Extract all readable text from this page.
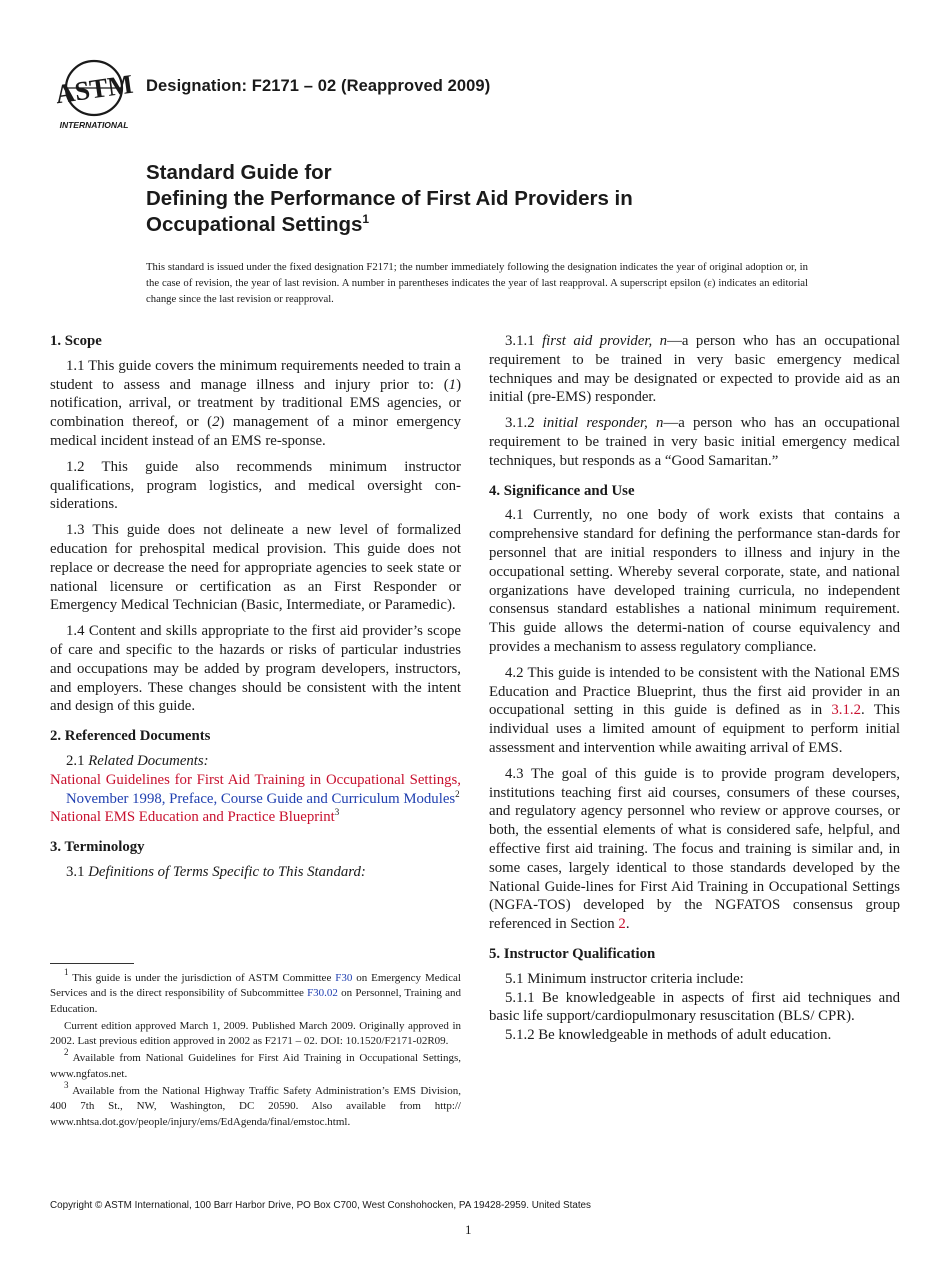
ASTM
INTERNATIONAL
Designation: F2171 – 02 (Reapproved 2009)
Standard Guide for
Defining the Performance of First Aid Providers in
Occupational Settings$^1$
This standard is issued under the fixed designation F2171; the number immediately following the designation indicates the year of original adoption or, in the case of revision, the year of last revision. A number in parentheses indicates the year of last reapproval. A superscript epsilon (ε) indicates an editorial change since the last revision or reapproval.
1. Scope

1.1 This guide covers the minimum requirements needed to train a student to assess and manage illness and injury prior to: (1) notification, arrival, or treatment by traditional EMS agencies, or combination thereof, or (2) management of a minor emergency medical incident instead of an EMS re-sponse.

1.2 This guide also recommends minimum instructor qualifications, program logistics, and medical oversight con-siderations.

1.3 This guide does not delineate a new level of formalized education for prehospital medical provision. This guide does not replace or decrease the need for appropriate agencies to seek state or national licensure or certification as an First Responder or Emergency Medical Technician (Basic, Intermediate, or Paramedic).

1.4 Content and skills appropriate to the first aid provider’s scope of care and specific to the hazards or risks of particular industries and occupations may be added by program developers, instructors, and employers. These changes should be consistent with the intent and design of this guide.

2. Referenced Documents

2.1 Related Documents:

National Guidelines for First Aid Training in Occupational Settings, November 1998, Preface, Course Guide and Curriculum Modules$^2$
National EMS Education and Practice Blueprint$^3$
3. Terminology

3.1 Definitions of Terms Specific to This Standard:

3.1.1 first aid provider, n—a person who has an occupational requirement to be trained in very basic emergency medical techniques and may be designated or expected to provide aid as an initial (pre-EMS) responder.

3.1.2 initial responder, n—a person who has an occupational requirement to be trained in very basic initial emergency medical techniques, but responds as a “Good Samaritan.”

4. Significance and Use

4.1 Currently, no one body of work exists that contains a comprehensive standard for defining the performance stan-dards for personnel that are initial responders to illness and injury in the occupational setting. Whereby several corporate, state, and national organizations have developed training curricula, no independent consensus standard establishes a national minimum requirement. This guide allows the determi-nation of course equivalency and provides a mechanism to assess regulatory compliance.

4.2 This guide is intended to be consistent with the National EMS Education and Practice Blueprint, thus the first aid provider in an occupational setting in this guide is defined as in 3.1.2. This individual uses a limited amount of equipment to perform initial assessment and intervention while awaiting arrival of EMS.

4.3 The goal of this guide is to provide program developers, institutions teaching first aid courses, consumers of these courses, and regulatory agency personnel who review or approve courses, or both, the essential elements of what is considered safe, helpful, and effective first aid training. The focus and training is similar and, in some cases, largely identical to those standards developed by the National Guide-lines for First Aid Training in Occupational Settings (NGFA-TOS) developed by the NGFATOS consensus group referenced in Section 2.

5. Instructor Qualification

5.1 Minimum instructor criteria include:

5.1.1 Be knowledgeable in aspects of first aid techniques and basic life support/cardiopulmonary resuscitation (BLS/ CPR).

5.1.2 Be knowledgeable in methods of adult education.

$^1$ This guide is under the jurisdiction of ASTM Committee F30 on Emergency Medical Services and is the direct responsibility of Subcommittee F30.02 on Personnel, Training and Education.

Current edition approved March 1, 2009. Published March 2009. Originally approved in 2002. Last previous edition approved in 2002 as F2171 – 02. DOI: 10.1520/F2171-02R09.

$^2$ Available from National Guidelines for First Aid Training in Occupational Settings, www.ngfatos.net.

$^3$ Available from the National Highway Traffic Safety Administration’s EMS Division, 400 7th St., NW, Washington, DC 20590. Also available from http:// www.nhtsa.dot.gov/people/injury/ems/EdAgenda/final/emstoc.html.

Copyright © ASTM International, 100 Barr Harbor Drive, PO Box C700, West Conshohocken, PA 19428-2959. United States
1
